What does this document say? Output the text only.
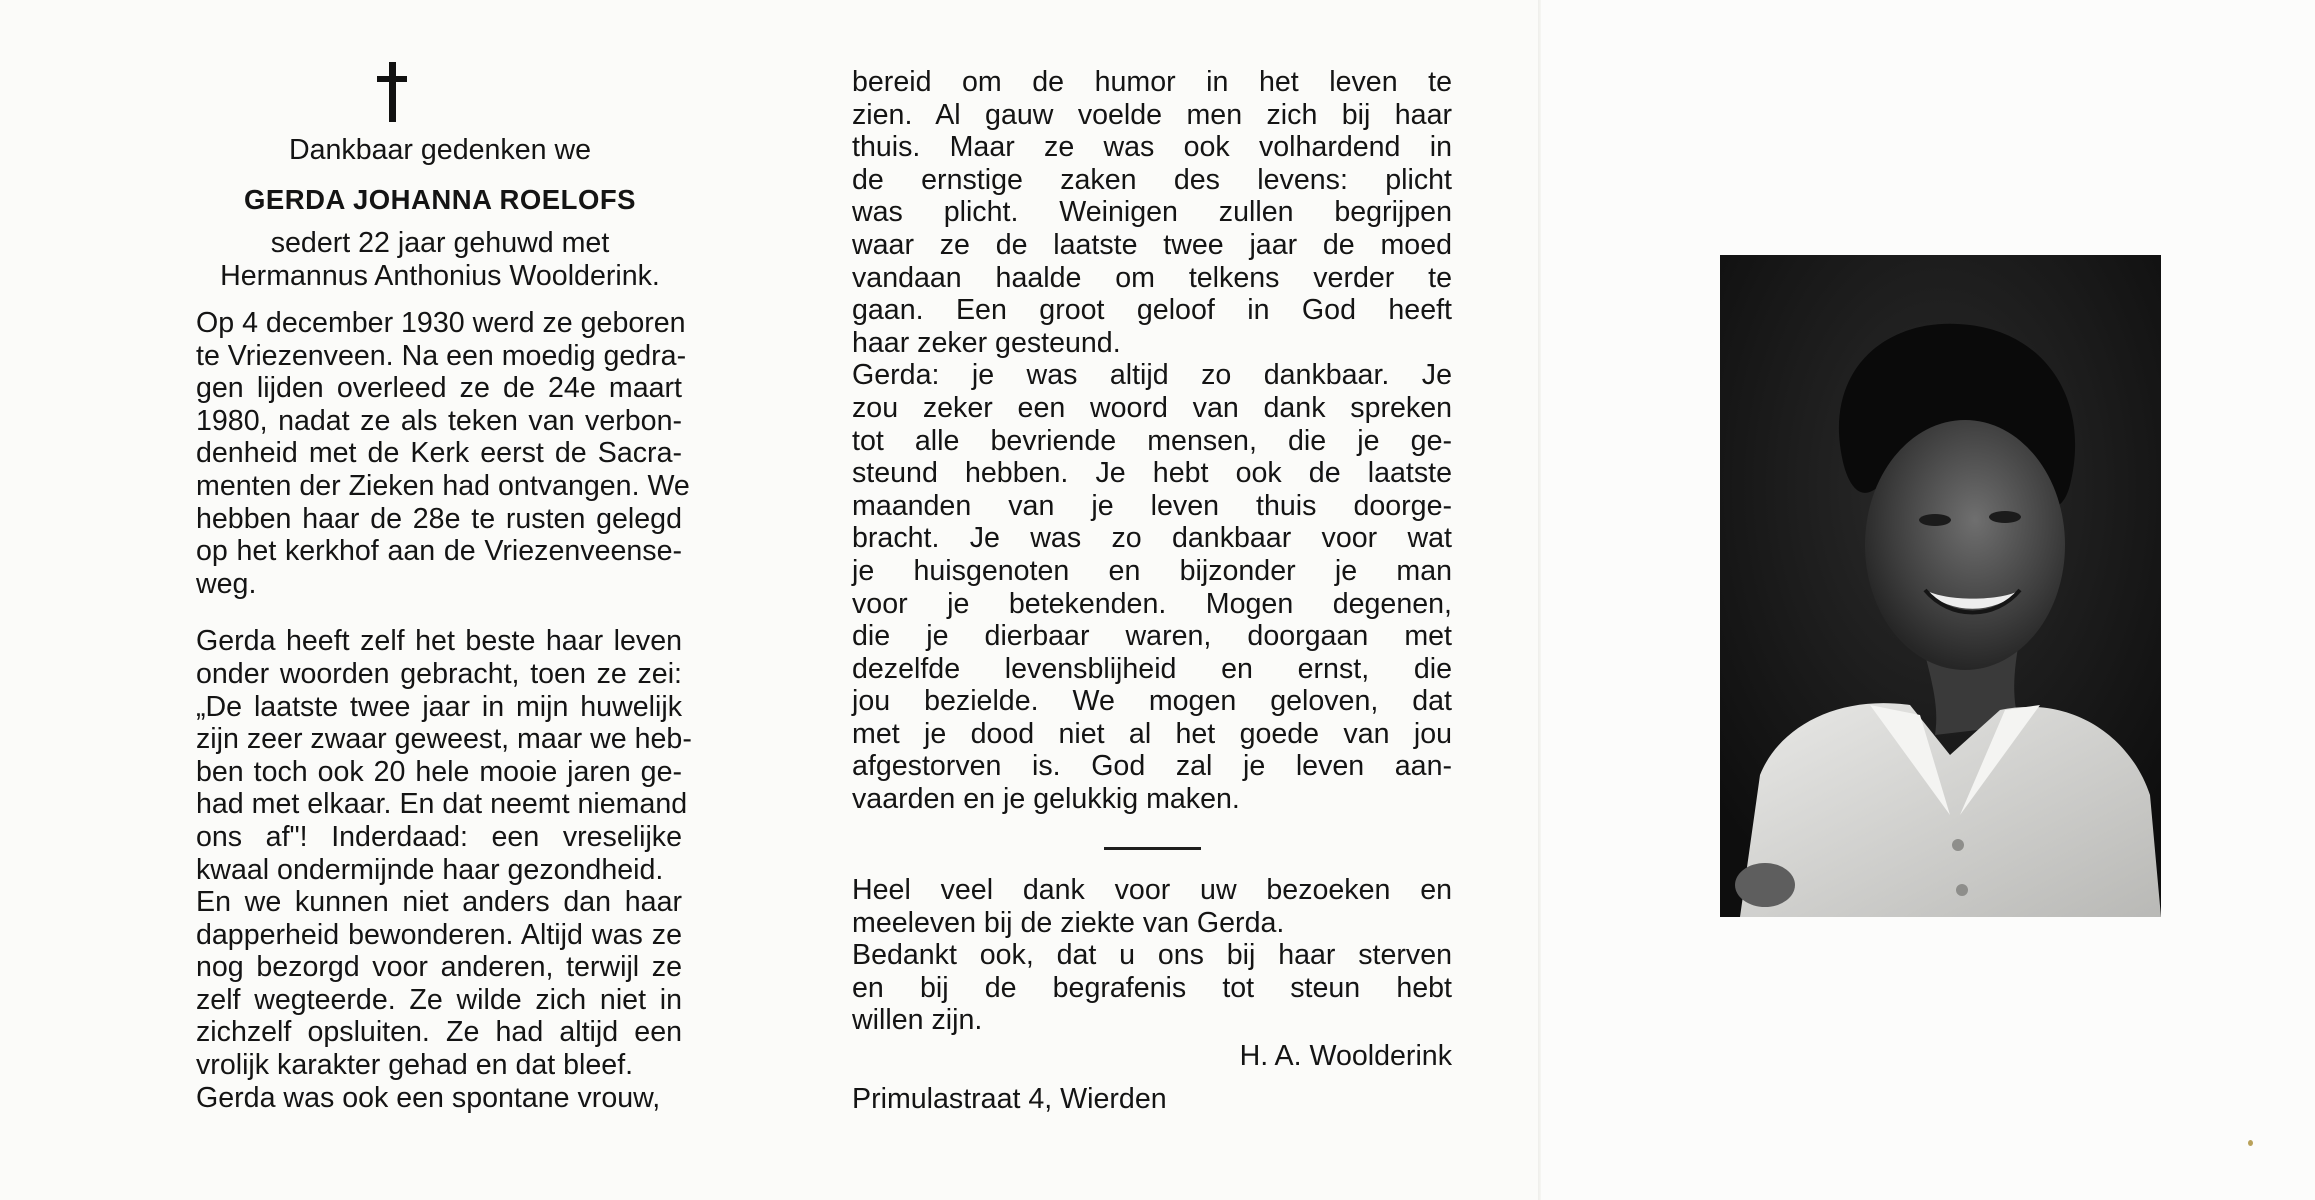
Dankbaar gedenken we
GERDA JOHANNA ROELOFS
sedert 22 jaar gehuwd met
Hermannus Anthonius Woolderink.
Op 4 december 1930 werd ze geboren
te Vriezenveen. Na een moedig gedra-
gen lijden overleed ze de 24e maart
1980, nadat ze als teken van verbon-
denheid met de Kerk eerst de Sacra-
menten der Zieken had ontvangen. We
hebben haar de 28e te rusten gelegd
op het kerkhof aan de Vriezenveense-
weg.
Gerda heeft zelf het beste haar leven
onder woorden gebracht, toen ze zei:
„De laatste twee jaar in mijn huwelijk
zijn zeer zwaar geweest, maar we heb-
ben toch ook 20 hele mooie jaren ge-
had met elkaar. En dat neemt niemand
ons af"! Inderdaad: een vreselijke
kwaal ondermijnde haar gezondheid.
En we kunnen niet anders dan haar
dapperheid bewonderen. Altijd was ze
nog bezorgd voor anderen, terwijl ze
zelf wegteerde. Ze wilde zich niet in
zichzelf opsluiten. Ze had altijd een
vrolijk karakter gehad en dat bleef.
Gerda was ook een spontane vrouw,
bereid om de humor in het leven te
zien. Al gauw voelde men zich bij haar
thuis. Maar ze was ook volhardend in
de ernstige zaken des levens: plicht
was plicht. Weinigen zullen begrijpen
waar ze de laatste twee jaar de moed
vandaan haalde om telkens verder te
gaan. Een groot geloof in God heeft
haar zeker gesteund.
Gerda: je was altijd zo dankbaar. Je
zou zeker een woord van dank spreken
tot alle bevriende mensen, die je ge-
steund hebben. Je hebt ook de laatste
maanden van je leven thuis doorge-
bracht. Je was zo dankbaar voor wat
je huisgenoten en bijzonder je man
voor je betekenden. Mogen degenen,
die je dierbaar waren, doorgaan met
dezelfde levensblijheid en ernst, die
jou bezielde. We mogen geloven, dat
met je dood niet al het goede van jou
afgestorven is. God zal je leven aan-
vaarden en je gelukkig maken.
Heel veel dank voor uw bezoeken en
meeleven bij de ziekte van Gerda.
Bedankt ook, dat u ons bij haar sterven
en bij de begrafenis tot steun hebt
willen zijn.
H. A. Woolderink
Primulastraat 4, Wierden
